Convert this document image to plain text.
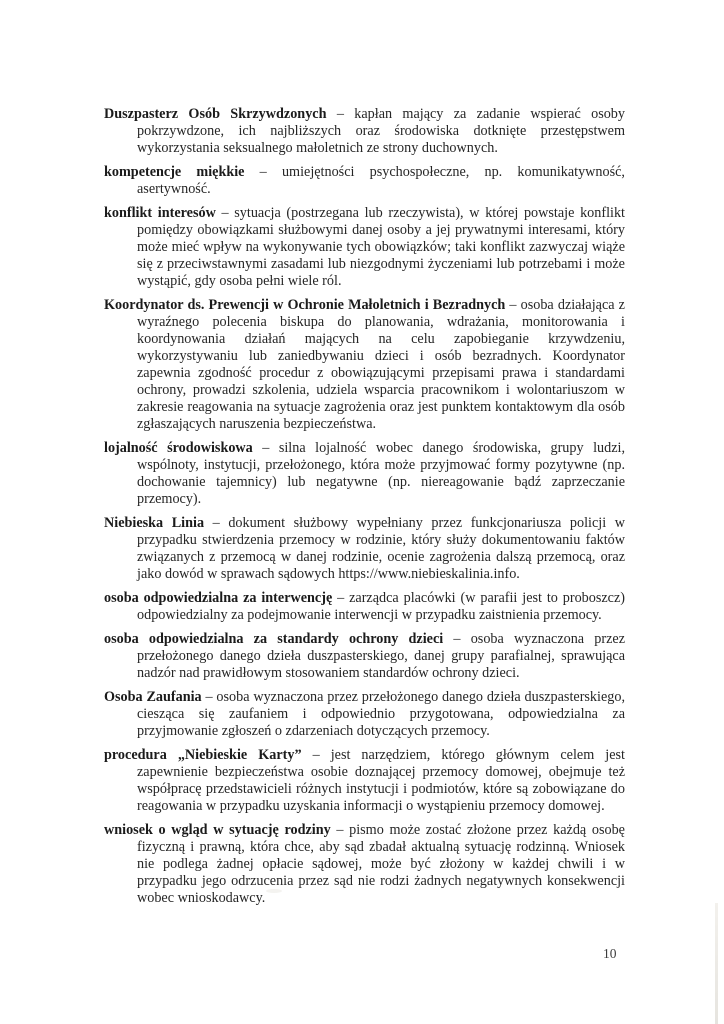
Duszpasterz Osób Skrzywdzonych – kapłan mający za zadanie wspierać osoby pokrzywdzone, ich najbliższych oraz środowiska dotknięte przestępstwem wykorzystania seksualnego małoletnich ze strony duchownych.

kompetencje miękkie – umiejętności psychospołeczne, np. komunikatywność, asertywność.

konflikt interesów – sytuacja (postrzegana lub rzeczywista), w której powstaje konflikt pomiędzy obowiązkami służbowymi danej osoby a jej prywatnymi interesami, który może mieć wpływ na wykonywanie tych obowiązków; taki konflikt zazwyczaj wiąże się z przeciwstawnymi zasadami lub niezgodnymi życzeniami lub potrzebami i może wystąpić, gdy osoba pełni wiele ról.

Koordynator ds. Prewencji w Ochronie Małoletnich i Bezradnych – osoba działająca z wyraźnego polecenia biskupa do planowania, wdrażania, monitorowania i koordynowania działań mających na celu zapobieganie krzywdzeniu, wykorzystywaniu lub zaniedbywaniu dzieci i osób bezradnych. Koordynator zapewnia zgodność procedur z obowiązującymi przepisami prawa i standardami ochrony, prowadzi szkolenia, udziela wsparcia pracownikom i wolontariuszom w zakresie reagowania na sytuacje zagrożenia oraz jest punktem kontaktowym dla osób zgłaszających naruszenia bezpieczeństwa.

lojalność środowiskowa – silna lojalność wobec danego środowiska, grupy ludzi, wspólnoty, instytucji, przełożonego, która może przyjmować formy pozytywne (np. dochowanie tajemnicy) lub negatywne (np. niereagowanie bądź zaprzeczanie przemocy).

Niebieska Linia – dokument służbowy wypełniany przez funkcjonariusza policji w przypadku stwierdzenia przemocy w rodzinie, który służy dokumentowaniu faktów związanych z przemocą w danej rodzinie, ocenie zagrożenia dalszą przemocą, oraz jako dowód w sprawach sądowych https://www.niebieskalinia.info.

osoba odpowiedzialna za interwencję – zarządca placówki (w parafii jest to proboszcz) odpowiedzialny za podejmowanie interwencji w przypadku zaistnienia przemocy.

osoba odpowiedzialna za standardy ochrony dzieci – osoba wyznaczona przez przełożonego danego dzieła duszpasterskiego, danej grupy parafialnej, sprawująca nadzór nad prawidłowym stosowaniem standardów ochrony dzieci.

Osoba Zaufania – osoba wyznaczona przez przełożonego danego dzieła duszpasterskiego, ciesząca się zaufaniem i odpowiednio przygotowana, odpowiedzialna za przyjmowanie zgłoszeń o zdarzeniach dotyczących przemocy.

procedura „Niebieskie Karty” – jest narzędziem, którego głównym celem jest zapewnienie bezpieczeństwa osobie doznającej przemocy domowej, obejmuje też współpracę przedstawicieli różnych instytucji i podmiotów, które są zobowiązane do reagowania w przypadku uzyskania informacji o wystąpieniu przemocy domowej.

wniosek o wgląd w sytuację rodziny – pismo może zostać złożone przez każdą osobę fizyczną i prawną, która chce, aby sąd zbadał aktualną sytuację rodzinną. Wniosek nie podlega żadnej opłacie sądowej, może być złożony w każdej chwili i w przypadku jego odrzucenia przez sąd nie rodzi żadnych negatywnych konsekwencji wobec wnioskodawcy.

10
